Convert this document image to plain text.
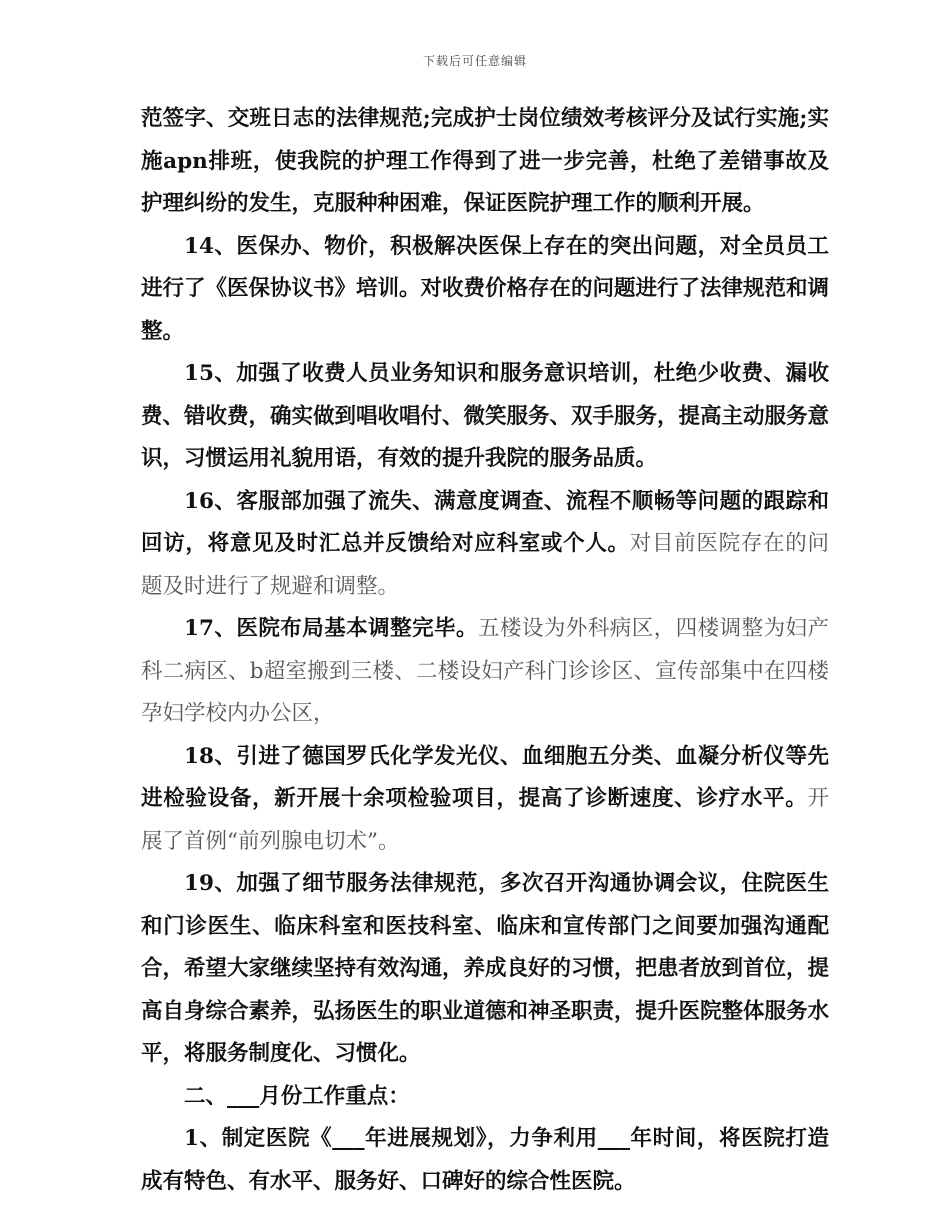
下载后可任意编辑

范签字、交班日志的法律规范;完成护士岗位绩效考核评分及试行实施;实施apn排班，使我院的护理工作得到了进一步完善，杜绝了差错事故及护理纠纷的发生，克服种种困难，保证医院护理工作的顺利开展。

14、医保办、物价，积极解决医保上存在的突出问题，对全员员工进行了《医保协议书》培训。对收费价格存在的问题进行了法律规范和调整。

15、加强了收费人员业务知识和服务意识培训，杜绝少收费、漏收费、错收费，确实做到唱收唱付、微笑服务、双手服务，提高主动服务意识，习惯运用礼貌用语，有效的提升我院的服务品质。

16、客服部加强了流失、满意度调查、流程不顺畅等问题的跟踪和回访，将意见及时汇总并反馈给对应科室或个人。对目前医院存在的问题及时进行了规避和调整。

17、医院布局基本调整完毕。五楼设为外科病区，四楼调整为妇产科二病区、b超室搬到三楼、二楼设妇产科门诊诊区、宣传部集中在四楼孕妇学校内办公区，

18、引进了德国罗氏化学发光仪、血细胞五分类、血凝分析仪等先进检验设备，新开展十余项检验项目，提高了诊断速度、诊疗水平。开展了首例“前列腺电切术”。

19、加强了细节服务法律规范，多次召开沟通协调会议，住院医生和门诊医生、临床科室和医技科室、临床和宣传部门之间要加强沟通配合，希望大家继续坚持有效沟通，养成良好的习惯，把患者放到首位，提高自身综合素养，弘扬医生的职业道德和神圣职责，提升医院整体服务水平，将服务制度化、习惯化。

二、___月份工作重点：

1、制定医院《___年进展规划》，力争利用___年时间，将医院打造成有特色、有水平、服务好、口碑好的综合性医院。
